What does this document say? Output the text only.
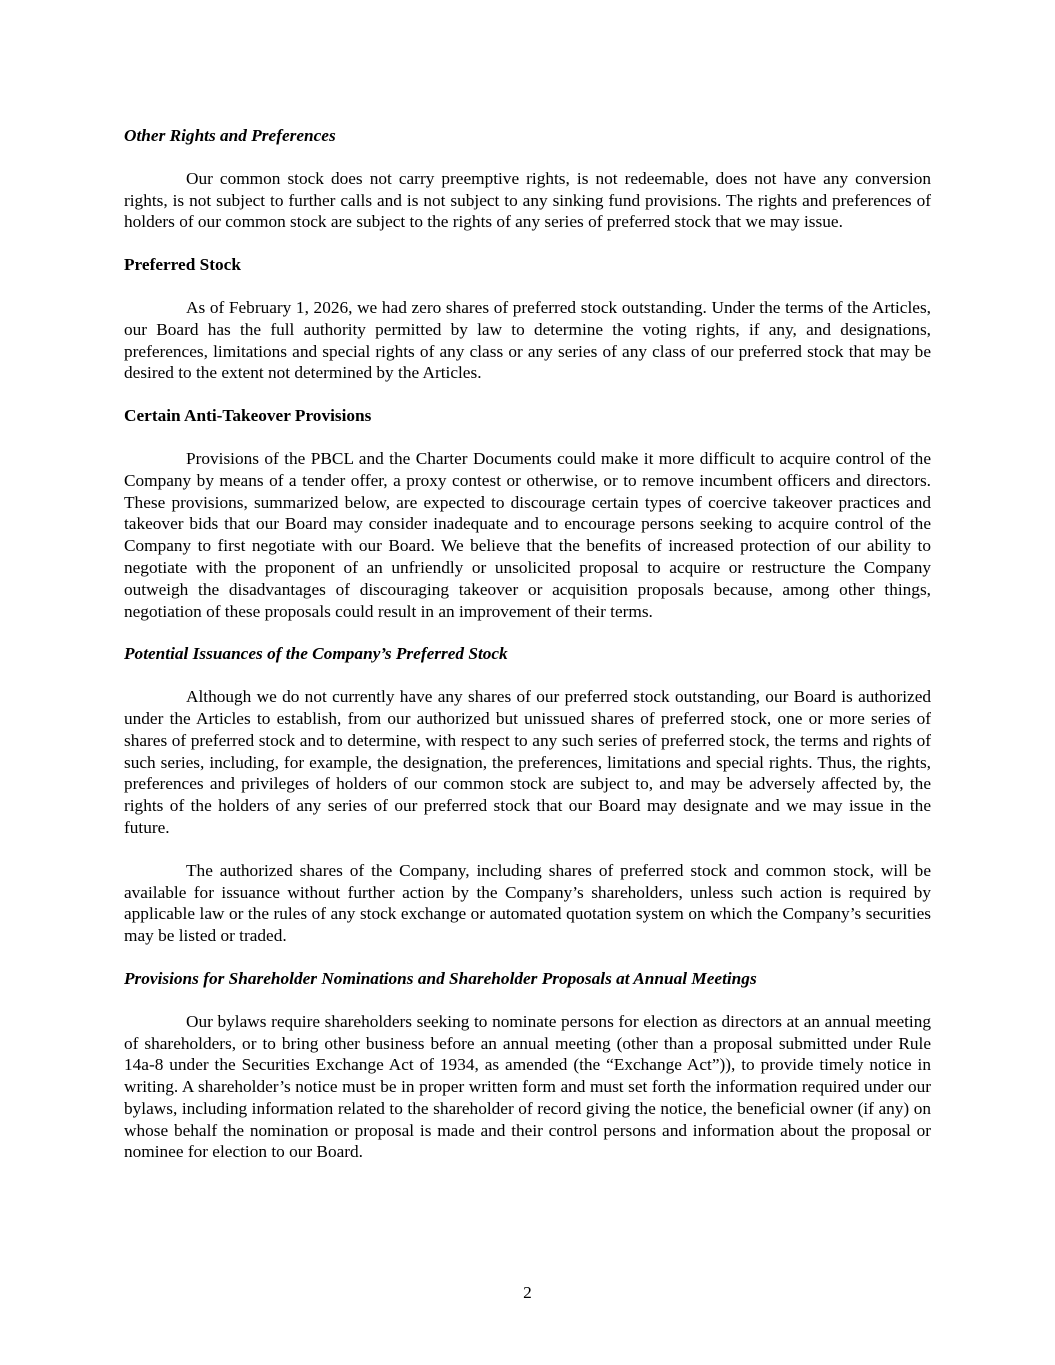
Other Rights and Preferences

Our common stock does not carry preemptive rights, is not redeemable, does not have any conversion rights, is not subject to further calls and is not subject to any sinking fund provisions. The rights and preferences of holders of our common stock are subject to the rights of any series of preferred stock that we may issue.

Preferred Stock

As of February 1, 2026, we had zero shares of preferred stock outstanding. Under the terms of the Articles, our Board has the full authority permitted by law to determine the voting rights, if any, and designations, preferences, limitations and special rights of any class or any series of any class of our preferred stock that may be desired to the extent not determined by the Articles.

Certain Anti-Takeover Provisions

Provisions of the PBCL and the Charter Documents could make it more difficult to acquire control of the Company by means of a tender offer, a proxy contest or otherwise, or to remove incumbent officers and directors. These provisions, summarized below, are expected to discourage certain types of coercive takeover practices and takeover bids that our Board may consider inadequate and to encourage persons seeking to acquire control of the Company to first negotiate with our Board. We believe that the benefits of increased protection of our ability to negotiate with the proponent of an unfriendly or unsolicited proposal to acquire or restructure the Company outweigh the disadvantages of discouraging takeover or acquisition proposals because, among other things, negotiation of these proposals could result in an improvement of their terms.

Potential Issuances of the Company’s Preferred Stock

Although we do not currently have any shares of our preferred stock outstanding, our Board is authorized under the Articles to establish, from our authorized but unissued shares of preferred stock, one or more series of shares of preferred stock and to determine, with respect to any such series of preferred stock, the terms and rights of such series, including, for example, the designation, the preferences, limitations and special rights. Thus, the rights, preferences and privileges of holders of our common stock are subject to, and may be adversely affected by, the rights of the holders of any series of our preferred stock that our Board may designate and we may issue in the future.

The authorized shares of the Company, including shares of preferred stock and common stock, will be available for issuance without further action by the Company’s shareholders, unless such action is required by applicable law or the rules of any stock exchange or automated quotation system on which the Company’s securities may be listed or traded.

Provisions for Shareholder Nominations and Shareholder Proposals at Annual Meetings

Our bylaws require shareholders seeking to nominate persons for election as directors at an annual meeting of shareholders, or to bring other business before an annual meeting (other than a proposal submitted under Rule 14a-8 under the Securities Exchange Act of 1934, as amended (the “Exchange Act”)), to provide timely notice in writing. A shareholder’s notice must be in proper written form and must set forth the information required under our bylaws, including information related to the shareholder of record giving the notice, the beneficial owner (if any) on whose behalf the nomination or proposal is made and their control persons and information about the proposal or nominee for election to our Board.

2
